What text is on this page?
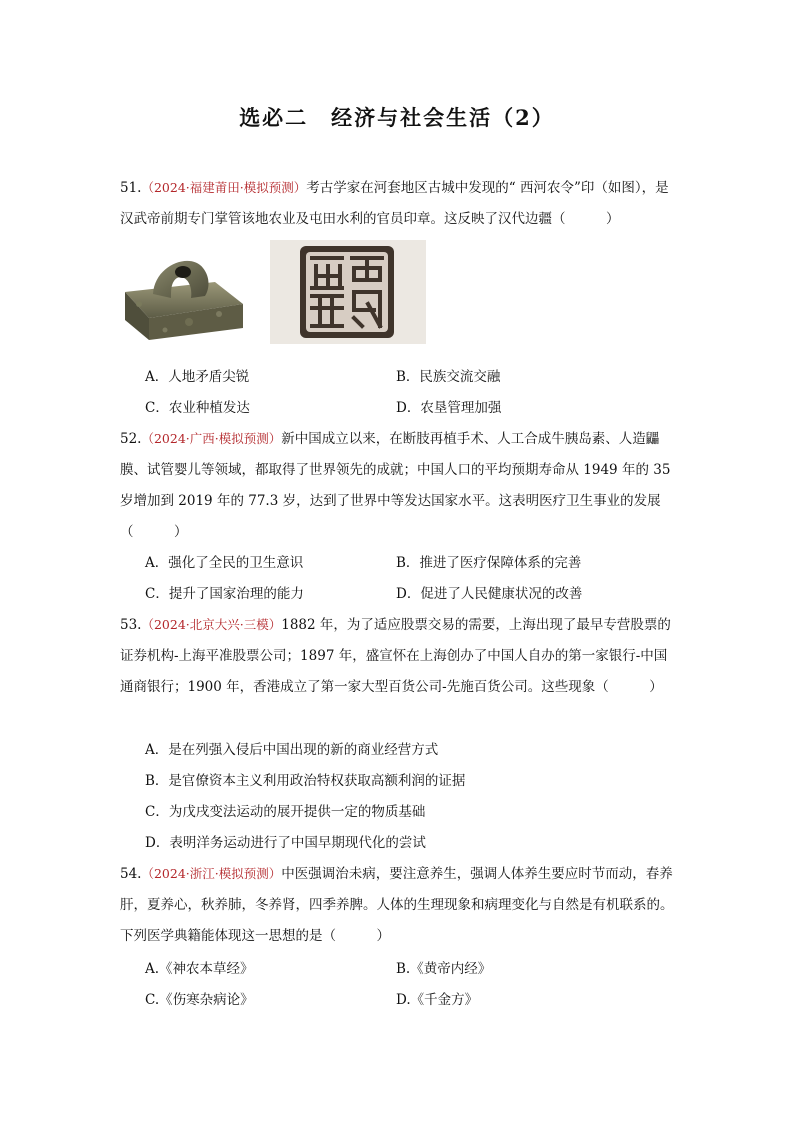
选必二　经济与社会生活（2）
51.（2024·福建莆田·模拟预测）考古学家在河套地区古城中发现的“ 西河农令”印（如图），是汉武帝前期专门掌管该地农业及屯田水利的官员印章。这反映了汉代边疆（　　　）
A．人地矛盾尖锐	B．民族交流交融
C．农业种植发达	D．农垦管理加强
52.（2024·广西·模拟预测）新中国成立以来，在断肢再植手术、人工合成牛胰岛素、人造鼺膜、试管婴儿等领域，都取得了世界领先的成就；中国人口的平均预期寿命从 1949 年的 35 岁增加到 2019 年的 77.3 岁，达到了世界中等发达国家水平。这表明医疗卫生事业的发展（　　　）
A．强化了全民的卫生意识	B．推进了医疗保障体系的完善
C．提升了国家治理的能力	D．促进了人民健康状况的改善
53.（2024·北京大兴·三模）1882 年，为了适应股票交易的需要，上海出现了最早专营股票的证券机构-上海平准股票公司；1897 年，盛宣怀在上海创办了中国人自办的第一家银行-中国通商银行；1900 年，香港成立了第一家大型百货公司-先施百货公司。这些现象（　　　）
A．是在列强入侵后中国出现的新的商业经营方式
B．是官僚资本主义利用政治特权获取高额利润的证据
C．为戊戌变法运动的展开提供一定的物质基础
D．表明洋务运动进行了中国早期现代化的尝试
54.（2024·浙江·模拟预测）中医强调治未病，要注意养生，强调人体养生要应时节而动，春养肝，夏养心，秋养肺，冬养肾，四季养脾。人体的生理现象和病理变化与自然是有机联系的。下列医学典籍能体现这一思想的是（　　　）
A.《神农本草经》	B.《黄帝内经》
C.《伤寒杂病论》	D.《千金方》
